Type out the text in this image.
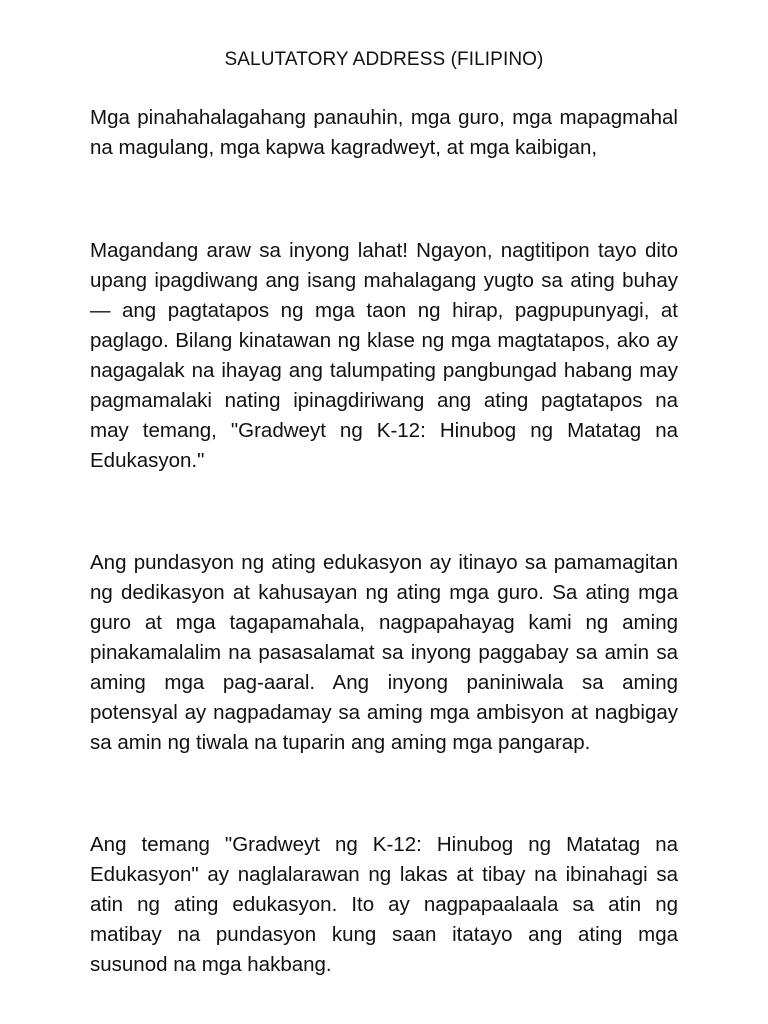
SALUTATORY ADDRESS (FILIPINO)

Mga pinahahalagahang panauhin, mga guro, mga mapagmahal na magulang, mga kapwa kagradweyt, at mga kaibigan,

Magandang araw sa inyong lahat! Ngayon, nagtitipon tayo dito upang ipagdiwang ang isang mahalagang yugto sa ating buhay — ang pagtatapos ng mga taon ng hirap, pagpupunyagi, at paglago. Bilang kinatawan ng klase ng mga magtatapos, ako ay nagagalak na ihayag ang talumpating pangbungad habang may pagmamalaki nating ipinagdiriwang ang ating pagtatapos na may temang, "Gradweyt ng K-12: Hinubog ng Matatag na Edukasyon."

Ang pundasyon ng ating edukasyon ay itinayo sa pamamagitan ng dedikasyon at kahusayan ng ating mga guro. Sa ating mga guro at mga tagapamahala, nagpapahayag kami ng aming pinakamalalim na pasasalamat sa inyong paggabay sa amin sa aming mga pag-aaral. Ang inyong paniniwala sa aming potensyal ay nagpadamay sa aming mga ambisyon at nagbigay sa amin ng tiwala na tuparin ang aming mga pangarap.

Ang temang "Gradweyt ng K-12: Hinubog ng Matatag na Edukasyon" ay naglalarawan ng lakas at tibay na ibinahagi sa atin ng ating edukasyon. Ito ay nagpapaalaala sa atin ng matibay na pundasyon kung saan itatayo ang ating mga susunod na mga hakbang.
